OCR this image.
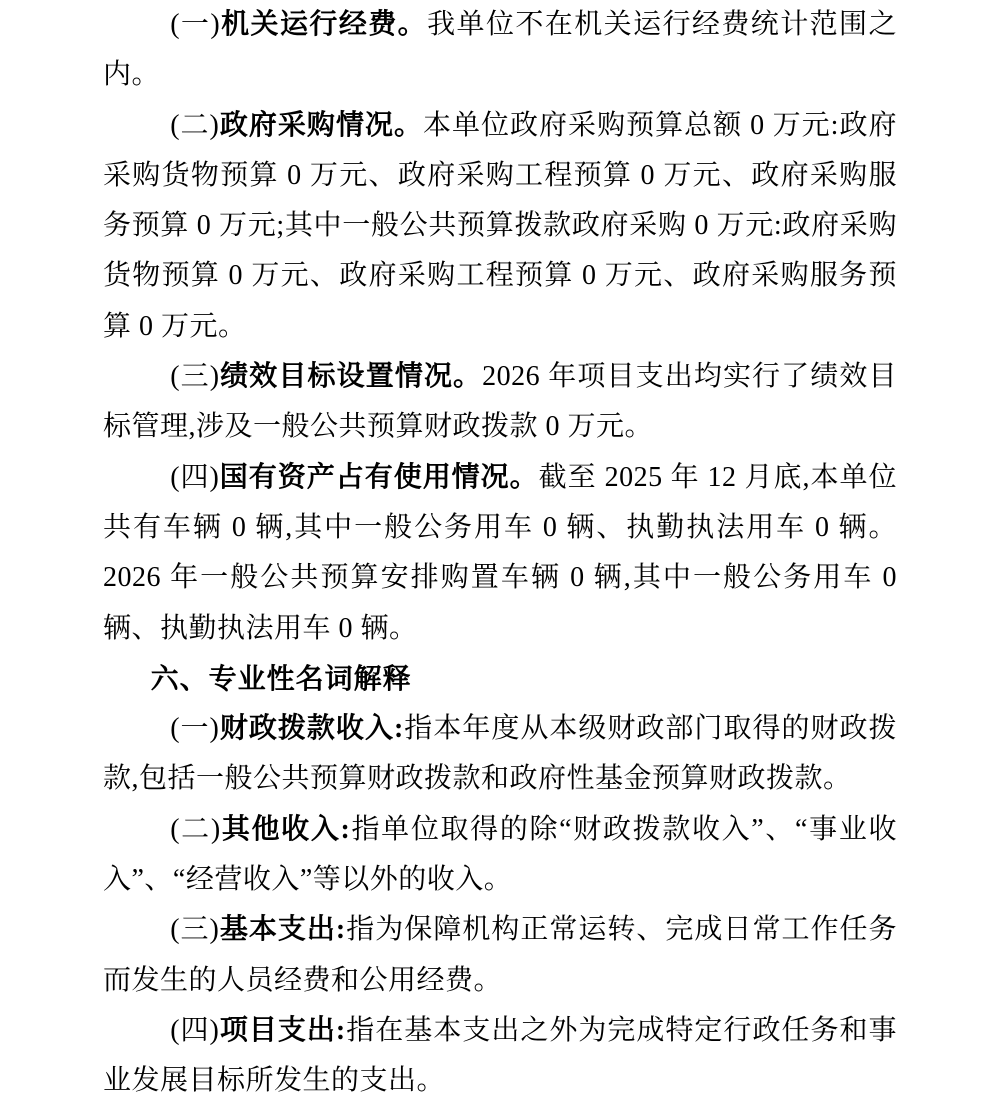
(一)机关运行经费。我单位不在机关运行经费统计范围之内。

(二)政府采购情况。本单位政府采购预算总额 0 万元:政府采购货物预算 0 万元、政府采购工程预算 0 万元、政府采购服务预算 0 万元;其中一般公共预算拨款政府采购 0 万元:政府采购货物预算 0 万元、政府采购工程预算 0 万元、政府采购服务预算 0 万元。

(三)绩效目标设置情况。2026 年项目支出均实行了绩效目标管理,涉及一般公共预算财政拨款 0 万元。

(四)国有资产占有使用情况。截至 2025 年 12 月底,本单位共有车辆 0 辆,其中一般公务用车 0 辆、执勤执法用车 0 辆。2026 年一般公共预算安排购置车辆 0 辆,其中一般公务用车 0 辆、执勤执法用车 0 辆。

六、专业性名词解释

(一)财政拨款收入:指本年度从本级财政部门取得的财政拨款,包括一般公共预算财政拨款和政府性基金预算财政拨款。

(二)其他收入:指单位取得的除“财政拨款收入”、“事业收入”、“经营收入”等以外的收入。

(三)基本支出:指为保障机构正常运转、完成日常工作任务而发生的人员经费和公用经费。

(四)项目支出:指在基本支出之外为完成特定行政任务和事业发展目标所发生的支出。
